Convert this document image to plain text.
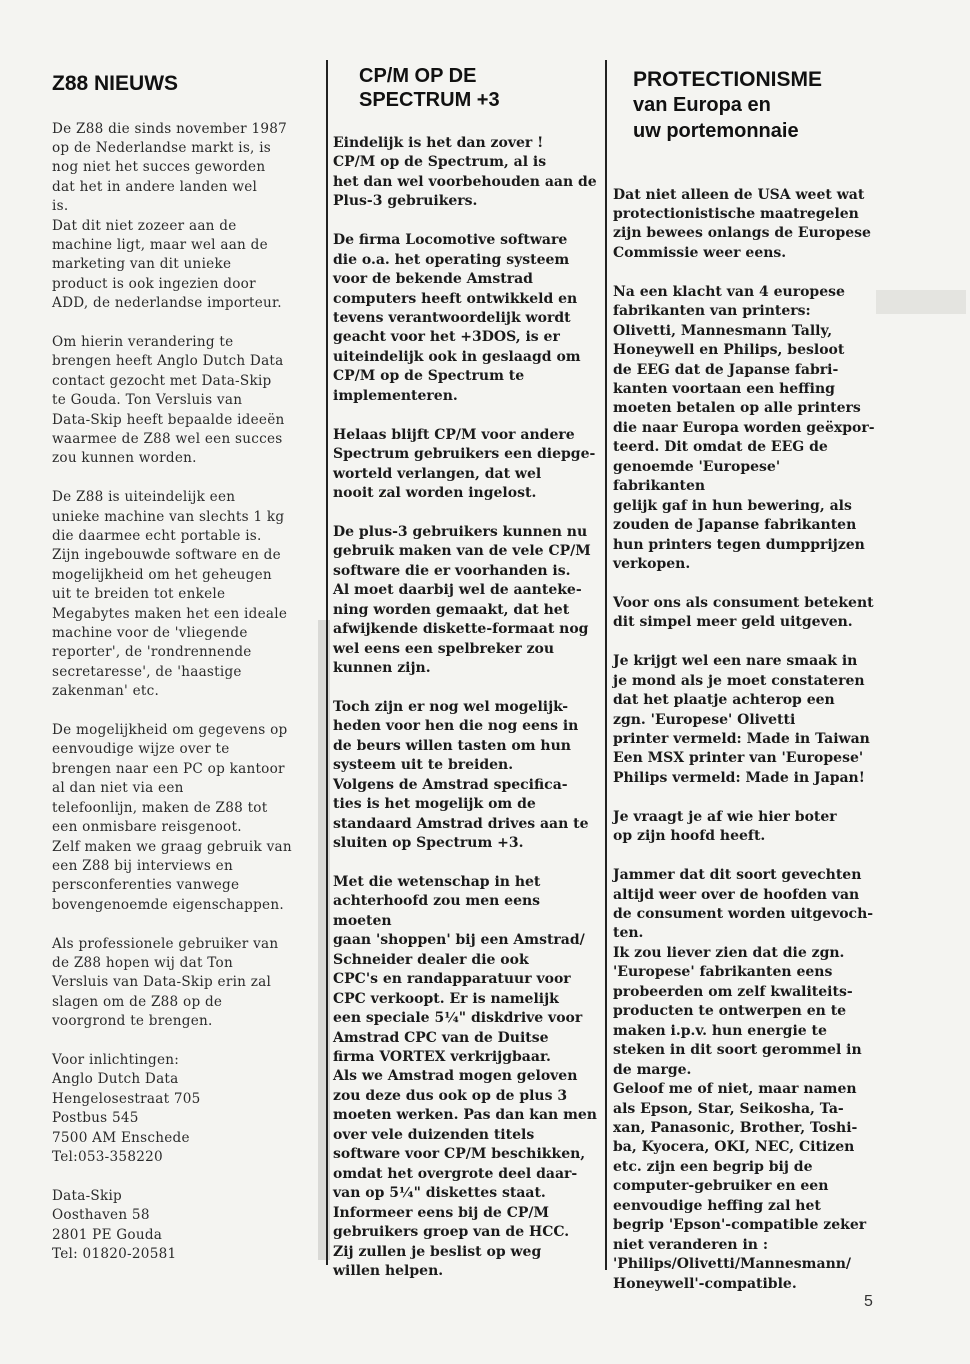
Z88 NIEUWS

De Z88 die sinds november 1987
op de Nederlandse markt is, is
nog niet het succes geworden
dat het in andere landen wel
is.
Dat dit niet zozeer aan de
machine ligt, maar wel aan de
marketing van dit unieke
product is ook ingezien door
ADD, de nederlandse importeur.

Om hierin verandering te
brengen heeft Anglo Dutch Data
contact gezocht met Data-Skip
te Gouda. Ton Versluis van
Data-Skip heeft bepaalde ideeën
waarmee de Z88 wel een succes
zou kunnen worden.

De Z88 is uiteindelijk een
unieke machine van slechts 1 kg
die daarmee echt portable is.
Zijn ingebouwde software en de
mogelijkheid om het geheugen
uit te breiden tot enkele
Megabytes maken het een ideale
machine voor de 'vliegende
reporter', de 'rondrennende
secretaresse', de 'haastige
zakenman' etc.

De mogelijkheid om gegevens op
eenvoudige wijze over te
brengen naar een PC op kantoor
al dan niet via een
telefoonlijn, maken de Z88 tot
een onmisbare reisgenoot.
Zelf maken we graag gebruik van
een Z88 bij interviews en
persconferenties vanwege
bovengenoemde eigenschappen.

Als professionele gebruiker van
de Z88 hopen wij dat Ton
Versluis van Data-Skip erin zal
slagen om de Z88 op de
voorgrond te brengen.

Voor inlichtingen:
Anglo Dutch Data
Hengelosestraat 705
Postbus 545
7500 AM Enschede
Tel:053-358220

Data-Skip
Oosthaven 58
2801 PE Gouda
Tel: 01820-20581

CP/M OP DE
SPECTRUM +3

Eindelijk is het dan zover !
CP/M op de Spectrum, al is
het dan wel voorbehouden aan de
Plus-3 gebruikers.

De firma Locomotive software
die o.a. het operating systeem
voor de bekende Amstrad
computers heeft ontwikkeld en
tevens verantwoordelijk wordt
geacht voor het +3DOS, is er
uiteindelijk ook in geslaagd om
CP/M op de Spectrum te
implementeren.

Helaas blijft CP/M voor andere
Spectrum gebruikers een diepge-
worteld verlangen, dat wel
nooit zal worden ingelost.

De plus-3 gebruikers kunnen nu
gebruik maken van de vele CP/M
software die er voorhanden is.
Al moet daarbij wel de aanteke-
ning worden gemaakt, dat het
afwijkende diskette-formaat nog
wel eens een spelbreker zou
kunnen zijn.

Toch zijn er nog wel mogelijk-
heden voor hen die nog eens in
de beurs willen tasten om hun
systeem uit te breiden.
Volgens de Amstrad specifica-
ties is het mogelijk om de
standaard Amstrad drives aan te
sluiten op Spectrum +3.

Met die wetenschap in het
achterhoofd zou men eens moeten
gaan 'shoppen' bij een Amstrad/
Schneider dealer die ook
CPC's en randapparatuur voor
CPC verkoopt. Er is namelijk
een speciale 5¼" diskdrive voor
Amstrad CPC van de Duitse
firma VORTEX verkrijgbaar.
Als we Amstrad mogen geloven
zou deze dus ook op de plus 3
moeten werken. Pas dan kan men
over vele duizenden titels
software voor CP/M beschikken,
omdat het overgrote deel daar-
van op 5¼" diskettes staat.
Informeer eens bij de CP/M
gebruikers groep van de HCC.
Zij zullen je beslist op weg
willen helpen.

PROTECTIONISME
van Europa en
uw portemonnaie

Dat niet alleen de USA weet wat
protectionistische maatregelen
zijn bewees onlangs de Europese
Commissie weer eens.

Na een klacht van 4 europese
fabrikanten van printers:
Olivetti, Mannesmann Tally,
Honeywell en Philips, besloot
de EEG dat de Japanse fabri-
kanten voortaan een heffing
moeten betalen op alle printers
die naar Europa worden geëxpor-
teerd. Dit omdat de EEG de
genoemde 'Europese' fabrikanten
gelijk gaf in hun bewering, als
zouden de Japanse fabrikanten
hun printers tegen dumpprijzen
verkopen.

Voor ons als consument betekent
dit simpel meer geld uitgeven.

Je krijgt wel een nare smaak in
je mond als je moet constateren
dat het plaatje achterop een
zgn. 'Europese' Olivetti
printer vermeld: Made in Taiwan
Een MSX printer van 'Europese'
Philips vermeld: Made in Japan!

Je vraagt je af wie hier boter
op zijn hoofd heeft.

Jammer dat dit soort gevechten
altijd weer over de hoofden van
de consument worden uitgevoch-
ten.
Ik zou liever zien dat die zgn.
'Europese' fabrikanten eens
probeerden om zelf kwaliteits-
producten te ontwerpen en te
maken i.p.v. hun energie te
steken in dit soort gerommel in
de marge.
Geloof me of niet, maar namen
als Epson, Star, Seikosha, Ta-
xan, Panasonic, Brother, Toshi-
ba, Kyocera, OKI, NEC, Citizen
etc. zijn een begrip bij de
computer-gebruiker en een
eenvoudige heffing zal het
begrip 'Epson'-compatible zeker
niet veranderen in :
'Philips/Olivetti/Mannesmann/
Honeywell'-compatible.

5
